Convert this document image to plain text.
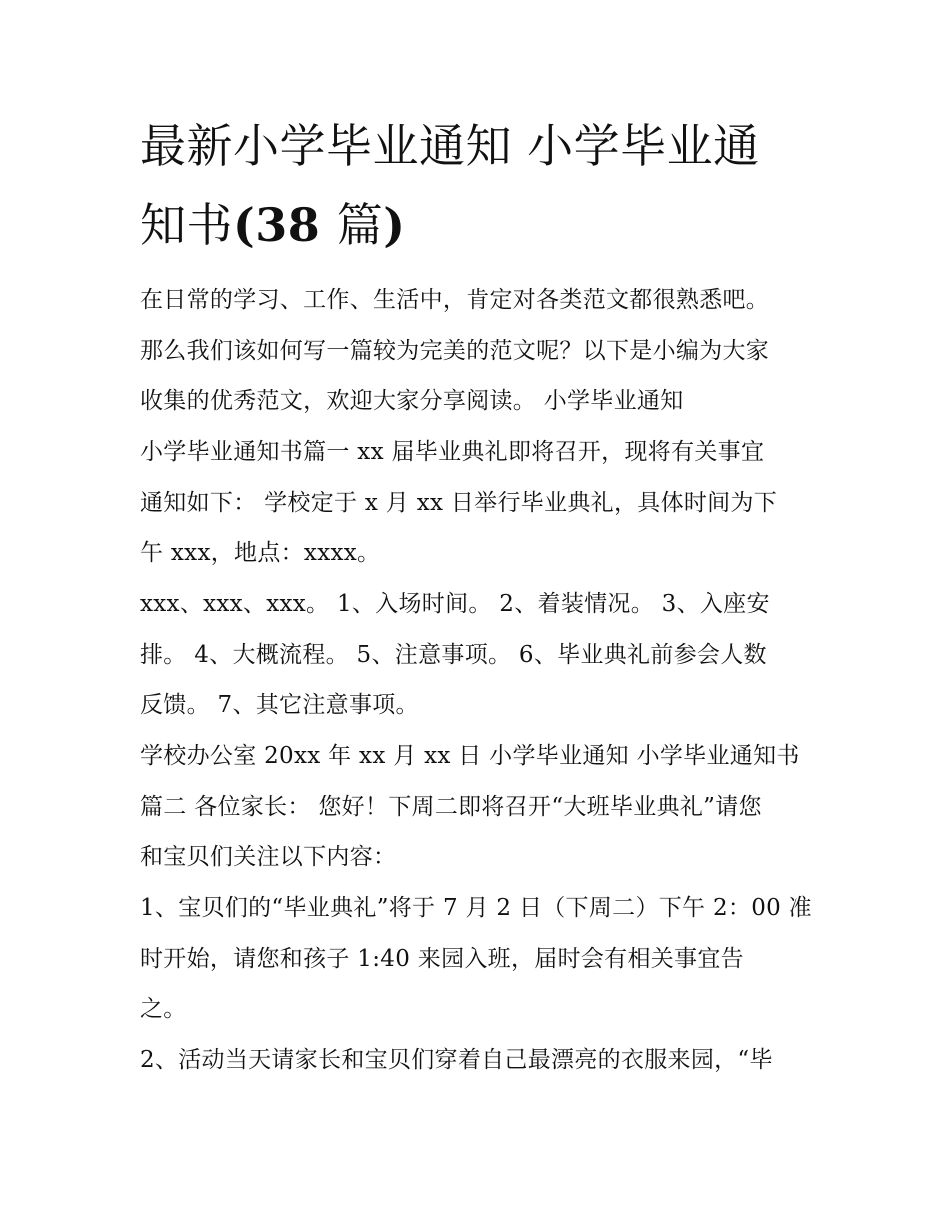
最新小学毕业通知 小学毕业通
知书(38 篇)
在日常的学习、工作、生活中，肯定对各类范文都很熟悉吧。
那么我们该如何写一篇较为完美的范文呢？以下是小编为大家
收集的优秀范文，欢迎大家分享阅读。 小学毕业通知
小学毕业通知书篇一 xx 届毕业典礼即将召开，现将有关事宜
通知如下： 学校定于 x 月 xx 日举行毕业典礼，具体时间为下
午 xxx，地点：xxxx。
xxx、xxx、xxx。 1、入场时间。 2、着装情况。 3、入座安
排。 4、大概流程。 5、注意事项。 6、毕业典礼前参会人数
反馈。 7、其它注意事项。
学校办公室 20xx 年 xx 月 xx 日 小学毕业通知 小学毕业通知书
篇二 各位家长： 您好！下周二即将召开“大班毕业典礼”请您
和宝贝们关注以下内容：
1、宝贝们的“毕业典礼”将于 7 月 2 日（下周二）下午 2：00 准
时开始，请您和孩子 1:40 来园入班，届时会有相关事宜告
之。
2、活动当天请家长和宝贝们穿着自己最漂亮的衣服来园，“毕
